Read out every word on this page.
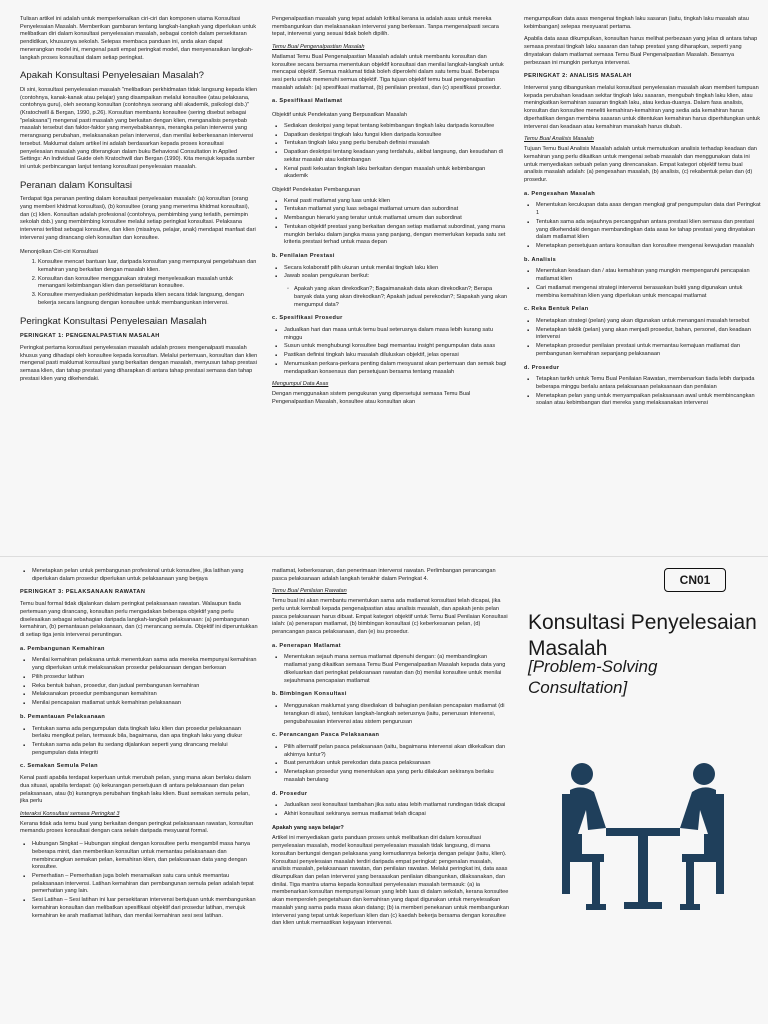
Tulisan artikel ini adalah untuk memperkenalkan ciri-ciri dan komponen utama Konsultasi Penyelesaian Masalah. Memberikan gambaran tentang langkah-langkah yang diperlukan untuk melibatkan diri dalam konsultasi penyelesaian masalah, sebagai contoh dalam persekitaran pendidikan, khususnya sekolah. Selepas membaca panduan ini, anda akan dapat menerangkan model ini, mengenal pasti empat peringkat model, dan menyenaraikan langkah-langkah proses konsultasi dalam setiap peringkat.

Apakah Konsultasi Penyelesaian Masalah?

Di sini, konsultasi penyelesaian masalah "melibatkan perkhidmatan tidak langsung kepada klien (contohnya, kanak-kanak atau pelajar) yang disampaikan melalui konsultee (atau pelaksana, contohnya guru), oleh seorang konsultan (contohnya seorang ahli akademik, psikologi dsb.)" (Kratochwill & Bergan, 1990, p.26). Konsultan membantu konsultee (sering disebut sebagai "pelaksana") mengenal pasti masalah yang berkaitan dengan klien, menganalisis penyebab masalah tersebut dan faktor-faktor yang menyebabkannya, merangka pelan intervensi yang merangsang perubahan, melaksanakan pelan intervensi, dan menilai keberkesanan intervensi tersebut. Maklumat dalam artikel ini adalah berdasarkan kepada proses konsultasi penyelesaian masalah yang diterangkan dalam buku Behavioral Consultation in Applied Settings: An Individual Guide oleh Kratochwill dan Bergan (1990). Kita merujuk kepada sumber ini untuk perbincangan lanjut tentang konsultasi penyelesaian masalah.

Peranan dalam Konsultasi

Terdapat tiga peranan penting dalam konsultasi penyelesaian masalah: (a) konsultan (orang yang memberi khidmat konsultasi), (b) konsultee (orang yang menerima khidmat konsultasi), dan (c) klien. Konsultan adalah profesional (contohnya, pembimbing yang terlatih, pemimpin sekolah dsb.) yang membimbing konsultee melalui setiap peringkat konsultasi. Pelaksana intervensi terlibat sebagai konsultee, dan klien (misalnya, pelajar, anak) mendapat manfaat dari intervensi yang dirancang oleh konsultan dan konsultee.

Menonjolkan Ciri-ciri Konsultasi
1. Konsultee mencari bantuan luar, daripada konsultan yang mempunyai pengetahuan dan kemahiran yang berkaitan dengan masalah klien.
2. Konsultan dan konsultee menggunakan strategi menyelesaikan masalah untuk menangani kebimbangan klien dan persekitaran konsultee.
3. Konsultee menyediakan perkhidmatan kepada klien secara tidak langsung, dengan bekerja secara langsung dengan konsultee untuk membangunkan intervensi.
Peringkat Konsultasi Penyelesaian Masalah
PERINGKAT 1: PENGENALPASTIAN MASALAH

Peringkat pertama konsultasi penyelesaian masalah adalah proses mengenalpasti masalah khusus yang dihadapi oleh konsultee kepada konsultan. Melalui pertemuan, konsultan dan klien mengenal pasti maklumat konsultasi yang berkaitan dengan masalah, menyusun tahap prestasi semasa klien, dan tahap prestasi yang diharapkan di antara tahap prestasi semasa dan tahap prestasi klien yang dikehendaki.

Pengenalpastian masalah yang tepat adalah kritikal kerana ia adalah asas untuk mereka membangunkan dan melaksanakan intervensi yang berkesan. Tanpa mengenalpasti secara tepat, intervensi yang sesuai tidak boleh dipilih.

Temu Bual Pengenalpastian Masalah

Matlamat Temu Bual Pengenalpastian Masalah adalah untuk membantu konsultan dan konsultee secara bersama menentukan objektif konsultasi dan menilai langkah-langkah untuk mencapai objektif. Semua maklumat tidak boleh diperolehi dalam satu temu bual. Beberapa sesi perlu untuk memenuhi semua objektif. Tiga tujuan objektif temu bual pengenalpastian masalah adalah: (a) spesifikasi matlamat, (b) penilaian prestasi, dan (c) spesifikasi prosedur.

a. Spesifikasi Matlamat
Objektif untuk Pendekatan yang Berpusatkan Masalah
▪ Sediakan deskripsi yang tepat tentang kebimbangan tingkah laku daripada konsultee
▪ Dapatkan deskripsi tingkah laku fungsi klien daripada konsultee
▪ Tentukan tingkah laku yang perlu berubah definisi masalah
▪ Dapatkan deskripsi tentang keadaan yang terdahulu, akibat langsung, dan kesudahan di sekitar masalah atau kebimbangan
▪ Kenal pasti kekuatan tingkah laku berkaitan dengan masalah untuk kebimbangan akademik
Objektif Pendekatan Pembangunan
▪ Kenal pasti matlamat yang luas untuk klien
▪ Tentukan matlamat yang luas sebagai matlamat umum dan subordinat
▪ Membangun hierarki yang teratur untuk matlamat umum dan subordinat
▪ Tentukan objektif prestasi yang berkaitan dengan setiap matlamat subordinat, yang mana mungkin berlaku dalam jangka masa yang panjang, dengan memerlukan kepada satu set kriteria prestasi terhad untuk masa depan
b. Penilaian Prestasi
▪ Secara kolaboratif pilih ukuran untuk menilai tingkah laku klien
▪ Jawab soalan pengukuran berikut:
◦ Apakah yang akan direkodkan?; Bagaimanakah data akan direkodkan?; Berapa banyak data yang akan direkodkan?; Apakah jadual perekodan?; Siapakah yang akan mengumpul data?
c. Spesifikasi Prosedur
▪ Jadualkan hari dan masa untuk temu bual seterusnya dalam masa lebih kurang satu minggu
▪ Susun untuk menghubungi konsultee bagi memantau insight pengumpulan data asas
▪ Pastikan definisi tingkah laku masalah diluluskan objektif, jelas operasi
▪ Menumuskan perkara-perkara penting dalam mesyuarat akan pertemuan dan semak bagi mendapatkan konsensus dan persetujuan bersama tentang masalah
Mengumpul Data Asas

Dengan menggunakan sistem pengukuran yang dipersetujui semasa Temu Bual Pengenalpastian Masalah, konsultee atau konsultan akan

mengumpulkan data asas mengenai tingkah laku sasaran (iaitu, tingkah laku masalah atau kebimbangan) selepas mesyuarat pertama.

Apabila data asas dikumpulkan, konsultan harus melihat perbezaan yang jelas di antara tahap semasa prestasi tingkah laku sasaran dan tahap prestasi yang diharapkan, seperti yang dinyatakan dalam matlamat semasa Temu Bual Pengenalpastian Masalah. Besarnya perbezaan ini mungkin perlunya intervensi.

PERINGKAT 2: ANALISIS MASALAH

Intervensi yang dibangunkan melalui konsultasi penyelesaian masalah akan memberi tumpuan kepada perubahan keadaan sekitar tingkah laku sasaran, mengubah tingkah laku klien, atau meningkatkan kemahiran sasaran tingkah laku, atau kedua-duanya. Dalam fasa analisis, konsultan dan konsultee meneliti kemahiran-kemahiran yang sedia ada kemahiran harus diperhatikan dengan membina sasaran untuk ditentukan kemahiran harus diperhitungkan untuk intervensi dan keadaan atau kemahiran manakah harus diubah.

Temu Bual Analisis Masalah

Tujuan Temu Bual Analisis Masalah adalah untuk memutuskan analisis terhadap keadaan dan kemahiran yang perlu dikaitkan untuk mengenai sebab masalah dan menggunakan data ini untuk menyediakan sebuah pelan yang direncanakan. Empat kategori objektif temu bual analisis masalah adalah: (a) pengesahan masalah, (b) analisis, (c) rekabentuk pelan dan (d) prosedur.

a. Pengesahan Masalah
▪ Menentukan kecukupan data asas dengan mengkaji graf pengumpulan data dari Peringkat 1
▪ Tentukan sama ada sejauhnya percanggahan antara prestasi klien semasa dan prestasi yang dikehendaki dengan membandingkan data asas ke tahap prestasi yang dinyatakan dalam matlamat klien
▪ Menetapkan persetujuan antara konsultan dan konsultee mengenai kewujudan masalah
b. Analisis
▪ Menentukan keadaan dan / atau kemahiran yang mungkin mempengaruhi pencapaian matlamat klien
▪ Cari matlamat mengenai strategi intervensi berasaskan bukti yang digunakan untuk membina kemahiran klien yang diperlukan untuk mencapai matlamat
c. Reka Bentuk Pelan
▪ Menetapkan strategi (pelan) yang akan digunakan untuk menangani masalah tersebut
▪ Menetapkan taktik (pelan) yang akan menjadi prosedur, bahan, personel, dan keadaan intervensi
▪ Menetapkan prosedur penilaian prestasi untuk memantau kemajuan matlamat dan pembangunan kemahiran sepanjang pelaksanaan
d. Prosedur
▪ Tetapkan tarikh untuk Temu Bual Penilaian Rawatan, membenarkan tiada lebih daripada beberapa minggu berlalu antara pelaksanaan pelaksanaan dan penilaian
▪ Menetapkan pelan yang untuk menyampaikan pelaksanaan awal untuk membincangkan soalan atau kebimbangan dari mereka yang melaksanakan intervensi
▪ Menetapkan pelan untuk pembangunan profesional untuk konsultee, jika latihan yang diperlukan dalam prosedur diperlukan untuk pelaksanaan yang berjaya
PERINGKAT 3: PELAKSANAAN RAWATAN

Temu bual formal tidak dijalankan dalam peringkat pelaksanaan rawatan. Walaupun tiada pertemuan yang dirancang, konsultan perlu mengadakan beberapa objektif yang perlu diselesaikan sebagai sebahagian daripada langkah-langkah pelaksanaan: (a) pembangunan kemahiran, (b) pemantauan pelaksanaan, dan (c) merancang semula. Objektif ini diperuntukkan di setiap tiga jenis intervensi peruntingan.

a. Pembangunan Kemahiran
▪ Menilai kemahiran pelaksana untuk menentukan sama ada mereka mempunyai kemahiran yang diperlukan untuk melaksanakan prosedur pelaksanaan dengan berkesan
▪ Pilih prosedur latihan
▪ Reka bentuk bahan, prosedur, dan jadual pembangunan kemahiran
▪ Melaksanakan prosedur pembangunan kemahiran
▪ Menilai pencapaian matlamat untuk kemahiran pelaksanaan
b. Pemantauan Pelaksanaan
▪ Tentukan sama ada pengumpulan data tingkah laku klien dan prosedur pelaksanaan berlaku mengikut pelan, termasuk bila, bagaimana, dan apa tingkah laku yang diukur
▪ Tentukan sama ada pelan itu sedang dijalankan seperti yang dirancang melalui pengumpulan data integriti
c. Semakan Semula Pelan

Kenal pasti apabila terdapat keperluan untuk merubah pelan, yang mana akan berlaku dalam dua situasi, apabila terdapat: (a) kekurangan persetujuan di antara pelaksanaan dan pelan pelaksanaan, atau (b) kurangnya perubahan tingkah laku klien. Buat semakan semula pelan, jika perlu

Interaksi Konsultasi semasa Peringkat 3

Kerana tidak ada temu bual yang berkaitan dengan peringkat pelaksanaan rawatan, konsultan memandu proses konsultasi dengan cara selain daripada mesyuarat formal.

▪ Hubungan Singkat – Hubungan singkat dengan konsultee perlu mengambil masa hanya beberapa minit, dan memberikan konsultan untuk memantau pelaksanaan dan membincangkan semakan pelan, kemahiran klien, dan pelaksanaan data yang dengan konsultee.
▪ Pemerhatian – Pemerhatian juga boleh meramaikan satu cara untuk memantau pelaksanaan intervensi. Latihan kemahiran dan pembangunan semula pelan adalah tepat pemerhatian yang lain.
▪ Sesi Latihan – Sesi latihan ini luar persekitaran intervensi bertujuan untuk membangunkan kemahiran konsultan dan melibatkan spesifikasi objektif dari prosedur latihan, merujuk kemahiran ke arah matlamat latihan, dan menilai kemahiran sesi sesi latihan.

matlamat, keberkesanan, dan penerimaan intervensi rawatan. Perlimbangan perancangan pasca pelaksanaan adalah langkah terakhir dalam Peringkat 4.

Temu Bual Penilaian Rawatan

Temu bual ini akan membantu menentukan sama ada matlamat konsultasi telah dicapai, jika perlu untuk kembali kepada pengenalpastian atau analisis masalah, dan apakah jenis pelan pasca pelaksanaan harus dibuat. Empat kategori objektif untuk Temu Bual Penilaian Konsultasi ialah: (a) penerapan matlamat, (b) bimbingan konsultasi (c) keberkesanan pelan, (d) perancangan pasca pelaksanaan, dan (e) isu prosedur.

a. Penerapan Matlamat
▪ Menentukan sejauh mana semua matlamat dipenuhi dengan: (a) membandingkan matlamat yang dikaitkan semasa Temu Bual Pengenalpastian Masalah kepada data yang dikeluarkan dari peringkat pelaksanaan rawatan dan (b) menilai konsultee untuk menilai sejauhmana pencapaian matlamat
b. Bimbingan Konsultasi
▪ Menggunakan maklumat yang disediakan di bahagian penilaian pencapaian matlamat (di terangkan di atas), tentukan langkah-langkah seterusnya (iaitu, penerusan intervensi, pengubahsuaian intervensi atau sistem pengurusan
c. Perancangan Pasca Pelaksanaan
▪ Pilih alternatif pelan pasca pelaksanaan (iaitu, bagaimana intervensi akan dikekalkan dan akhirnya luntur?)
▪ Buat peruntukan untuk perekodan data pasca pelaksanaan
▪ Menetapkan prosedur yang menentukan apa yang perlu dilakukan sekiranya berlaku masalah berulang
d. Prosedur
▪ Jadualkan sesi konsultasi tambahan jika satu atau lebih matlamat rundingan tidak dicapai
▪ Akhiri konsultasi sekiranya semua matlamat telah dicapai
Apakah yang saya belajar?

Artikel ini menyediakan garis panduan proses untuk melibatkan diri dalam konsultasi penyelesaian masalah, model konsultasi penyelesaian masalah tidak langsung, di mana konsultan bertungsi dengan pelaksana yang kemudiannya bekerja dengan pelajar (iaitu, klien). Konsultasi penyelesaian masalah terdiri daripada empat peringkat: pengenalan masalah, analisis masalah, pelaksanaan rawatan, dan penilaian rawatan. Melalui peringkat ini, data asas dikumpulkan dan pelan intervensi yang berasaskan penilaian dibangunkan, dilaksanakan, dan dinilai. Tiga mantra utama kepada konsultasi penyelesaian masalah termasuk: (a) ia membenarkan konsultan mempunyai kesan yang lebih luas di dalam sekolah, kerana konsultee akan memperoleh pengetahuan dan kemahiran yang dapat digunakan untuk menyelesaikan masalah yang sama pada masa akan datang; (b) ia memberi penekanan untuk membangunkan intervensi yang tepat untuk keperluan klien dan (c) kaedah bekerja bersama dengan konsultee dan klien untuk memastikan kejayaan intervensi.

CN01
Konsultasi Penyelesaian Masalah
[Problem-Solving Consultation]
